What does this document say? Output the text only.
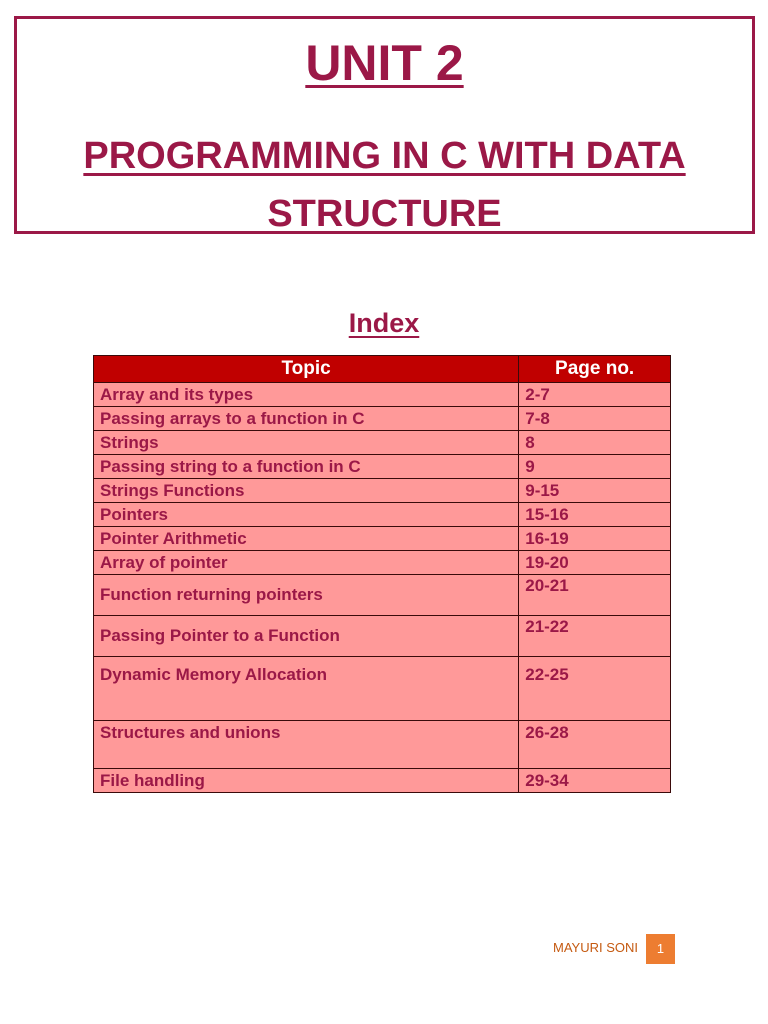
UNIT 2
PROGRAMMING IN C WITH DATA STRUCTURE
Index
Topic	Page no.
Array and its types	2-7
Passing arrays to a function in C	7-8
Strings	8
Passing string to a function in C	9
Strings Functions	9-15
Pointers	15-16
Pointer Arithmetic	16-19
Array of pointer	19-20
Function returning pointers	20-21
Passing Pointer to a Function	21-22
Dynamic Memory Allocation	22-25
Structures and unions	26-28
File handling	29-34
MAYURI SONI	1
